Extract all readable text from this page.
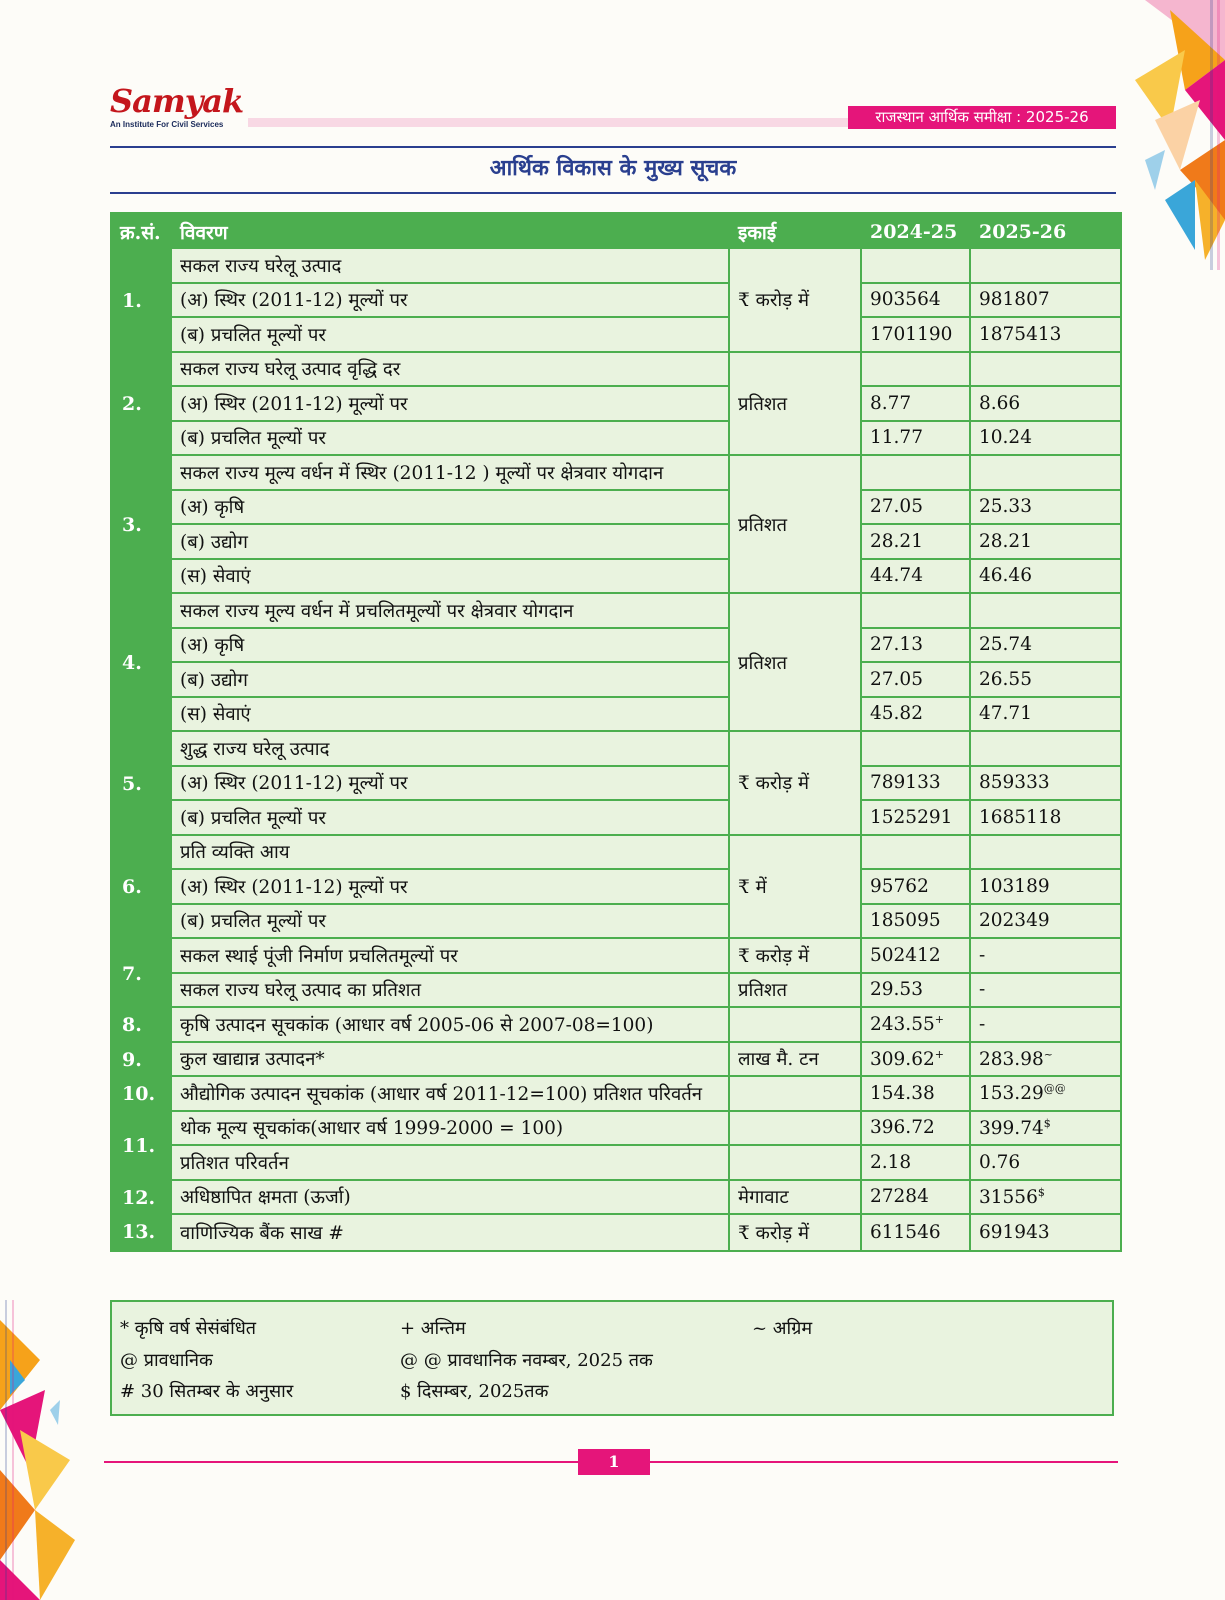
Samyak
An Institute For Civil Services	राजस्थान आर्थिक समीक्षा : 2025-26
आर्थिक विकास के मुख्य सूचक
क्र.सं.	विवरण	इकाई	2024-25	2025-26
1.	सकल राज्य घरेलू उत्पाद	₹ करोड़ में		
	(अ) स्थिर (2011-12) मूल्यों पर		903564	981807
	(ब) प्रचलित मूल्यों पर		1701190	1875413
2.	सकल राज्य घरेलू उत्पाद वृद्धि दर	प्रतिशत		
	(अ) स्थिर (2011-12) मूल्यों पर		8.77	8.66
	(ब) प्रचलित मूल्यों पर		11.77	10.24
3.	सकल राज्य मूल्य वर्धन में स्थिर (2011-12 ) मूल्यों पर क्षेत्रवार योगदान	प्रतिशत		
	(अ) कृषि		27.05	25.33
	(ब) उद्योग		28.21	28.21
	(स) सेवाएं		44.74	46.46
4.	सकल राज्य मूल्य वर्धन में प्रचलितमूल्यों पर क्षेत्रवार योगदान	प्रतिशत		
	(अ) कृषि		27.13	25.74
	(ब) उद्योग		27.05	26.55
	(स) सेवाएं		45.82	47.71
5.	शुद्ध राज्य घरेलू उत्पाद	₹ करोड़ में		
	(अ) स्थिर (2011-12) मूल्यों पर		789133	859333
	(ब) प्रचलित मूल्यों पर		1525291	1685118
6.	प्रति व्यक्ति आय	₹ में		
	(अ) स्थिर (2011-12) मूल्यों पर		95762	103189
	(ब) प्रचलित मूल्यों पर		185095	202349
7.	सकल स्थाई पूंजी निर्माण प्रचलितमूल्यों पर	₹ करोड़ में	502412	-
	सकल राज्य घरेलू उत्पाद का प्रतिशत	प्रतिशत	29.53	-
8.	कृषि उत्पादन सूचकांक (आधार वर्ष 2005-06 से 2007-08=100)		243.55+	-
9.	कुल खाद्यान्न उत्पादन*	लाख मै. टन	309.62+	283.98~
10.	औद्योगिक उत्पादन सूचकांक (आधार वर्ष 2011-12=100) प्रतिशत परिवर्तन		154.38	153.29@@
11.	थोक मूल्य सूचकांक(आधार वर्ष 1999-2000 = 100)		396.72	399.74$
	प्रतिशत परिवर्तन		2.18	0.76
12.	अधिष्ठापित क्षमता (ऊर्जा)	मेगावाट	27284	31556$
13.	वाणिज्यिक बैंक साख #	₹ करोड़ में	611546	691943
* कृषि वर्ष सेसंबंधित	+ अन्तिम	~ अग्रिम
@ प्रावधानिक	@ @ प्रावधानिक नवम्बर, 2025 तक
# 30 सितम्बर के अनुसार	$ दिसम्बर, 2025तक
1
